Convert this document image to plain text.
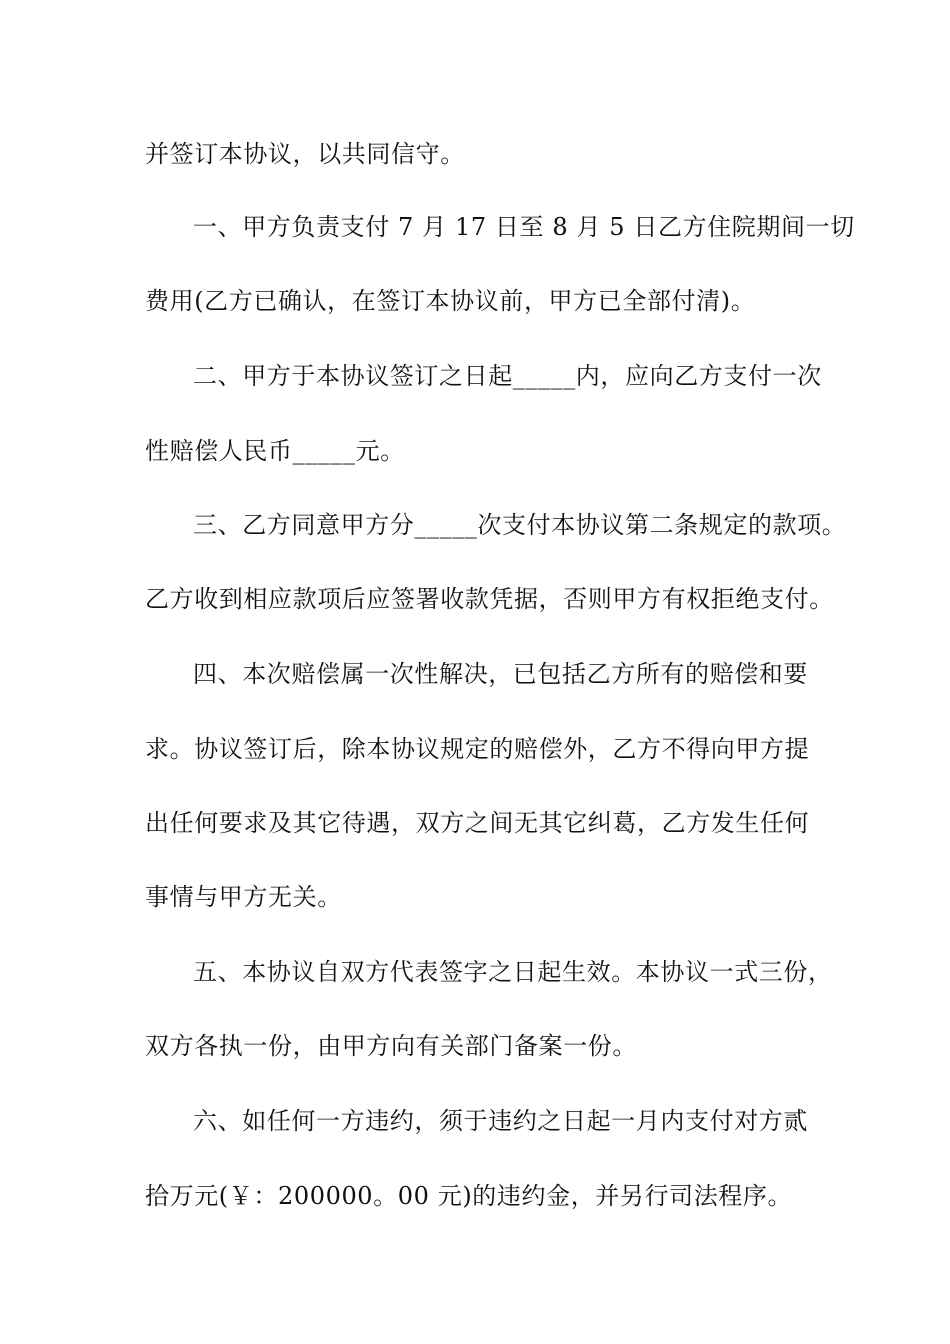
并签订本协议，以共同信守。
一、甲方负责支付 7 月 17 日至 8 月 5 日乙方住院期间一切
费用(乙方已确认，在签订本协议前，甲方已全部付清)。
二、甲方于本协议签订之日起_____内，应向乙方支付一次
性赔偿人民币_____元。
三、乙方同意甲方分_____次支付本协议第二条规定的款项。
乙方收到相应款项后应签署收款凭据，否则甲方有权拒绝支付。
四、本次赔偿属一次性解决，已包括乙方所有的赔偿和要
求。协议签订后，除本协议规定的赔偿外，乙方不得向甲方提
出任何要求及其它待遇，双方之间无其它纠葛，乙方发生任何
事情与甲方无关。
五、本协议自双方代表签字之日起生效。本协议一式三份，
双方各执一份，由甲方向有关部门备案一份。
六、如任何一方违约，须于违约之日起一月内支付对方贰
拾万元(￥：200000。00 元)的违约金，并另行司法程序。
